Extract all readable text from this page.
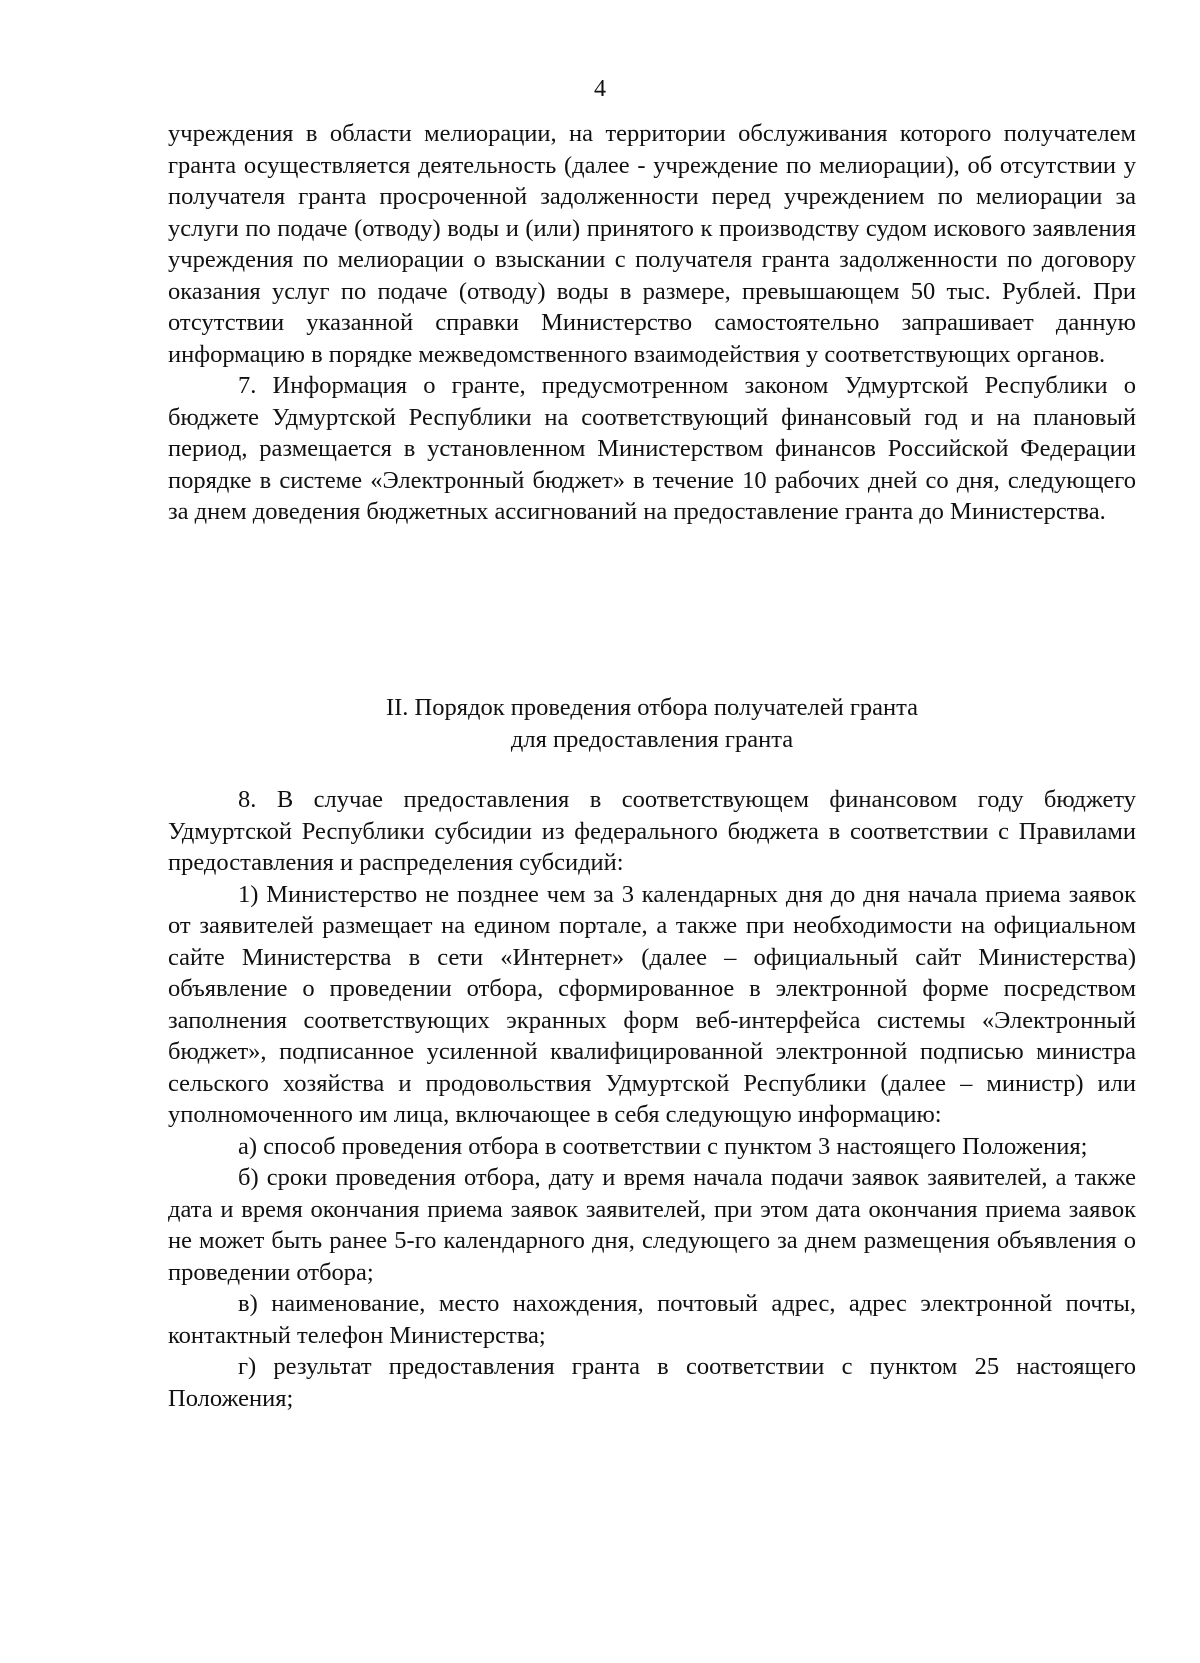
4

учреждения в области мелиорации, на территории обслуживания которого получателем гранта осуществляется деятельность (далее - учреждение по мелиорации), об отсутствии у получателя гранта просроченной задолженности перед учреждением по мелиорации за услуги по подаче (отводу) воды и (или) принятого к производству судом искового заявления учреждения по мелиорации о взыскании с получателя гранта задолженности по договору оказания услуг по подаче (отводу) воды в размере, превышающем 50 тыс. Рублей. При отсутствии указанной справки Министерство самостоятельно запрашивает данную информацию в порядке межведомственного взаимодействия у соответствующих органов.

7. Информация о гранте, предусмотренном законом Удмуртской Республики о бюджете Удмуртской Республики на соответствующий финансовый год и на плановый период, размещается в установленном Министерством финансов Российской Федерации порядке в системе «Электронный бюджет» в течение 10 рабочих дней со дня, следующего за днем доведения бюджетных ассигнований на предоставление гранта до Министерства.

II. Порядок проведения отбора получателей гранта
для предоставления гранта

8. В случае предоставления в соответствующем финансовом году бюджету Удмуртской Республики субсидии из федерального бюджета в соответствии с Правилами предоставления и распределения субсидий:

1) Министерство не позднее чем за 3 календарных дня до дня начала приема заявок от заявителей размещает на едином портале, а также при необходимости на официальном сайте Министерства в сети «Интернет» (далее – официальный сайт Министерства) объявление о проведении отбора, сформированное в электронной форме посредством заполнения соответствующих экранных форм веб-интерфейса системы «Электронный бюджет», подписанное усиленной квалифицированной электронной подписью министра сельского хозяйства и продовольствия Удмуртской Республики (далее – министр) или уполномоченного им лица, включающее в себя следующую информацию:

а) способ проведения отбора в соответствии с пунктом 3 настоящего Положения;

б) сроки проведения отбора, дату и время начала подачи заявок заявителей, а также дата и время окончания приема заявок заявителей, при этом дата окончания приема заявок не может быть ранее 5-го календарного дня, следующего за днем размещения объявления о проведении отбора;

в) наименование, место нахождения, почтовый адрес, адрес электронной почты, контактный телефон Министерства;

г) результат предоставления гранта в соответствии с пунктом 25 настоящего Положения;
